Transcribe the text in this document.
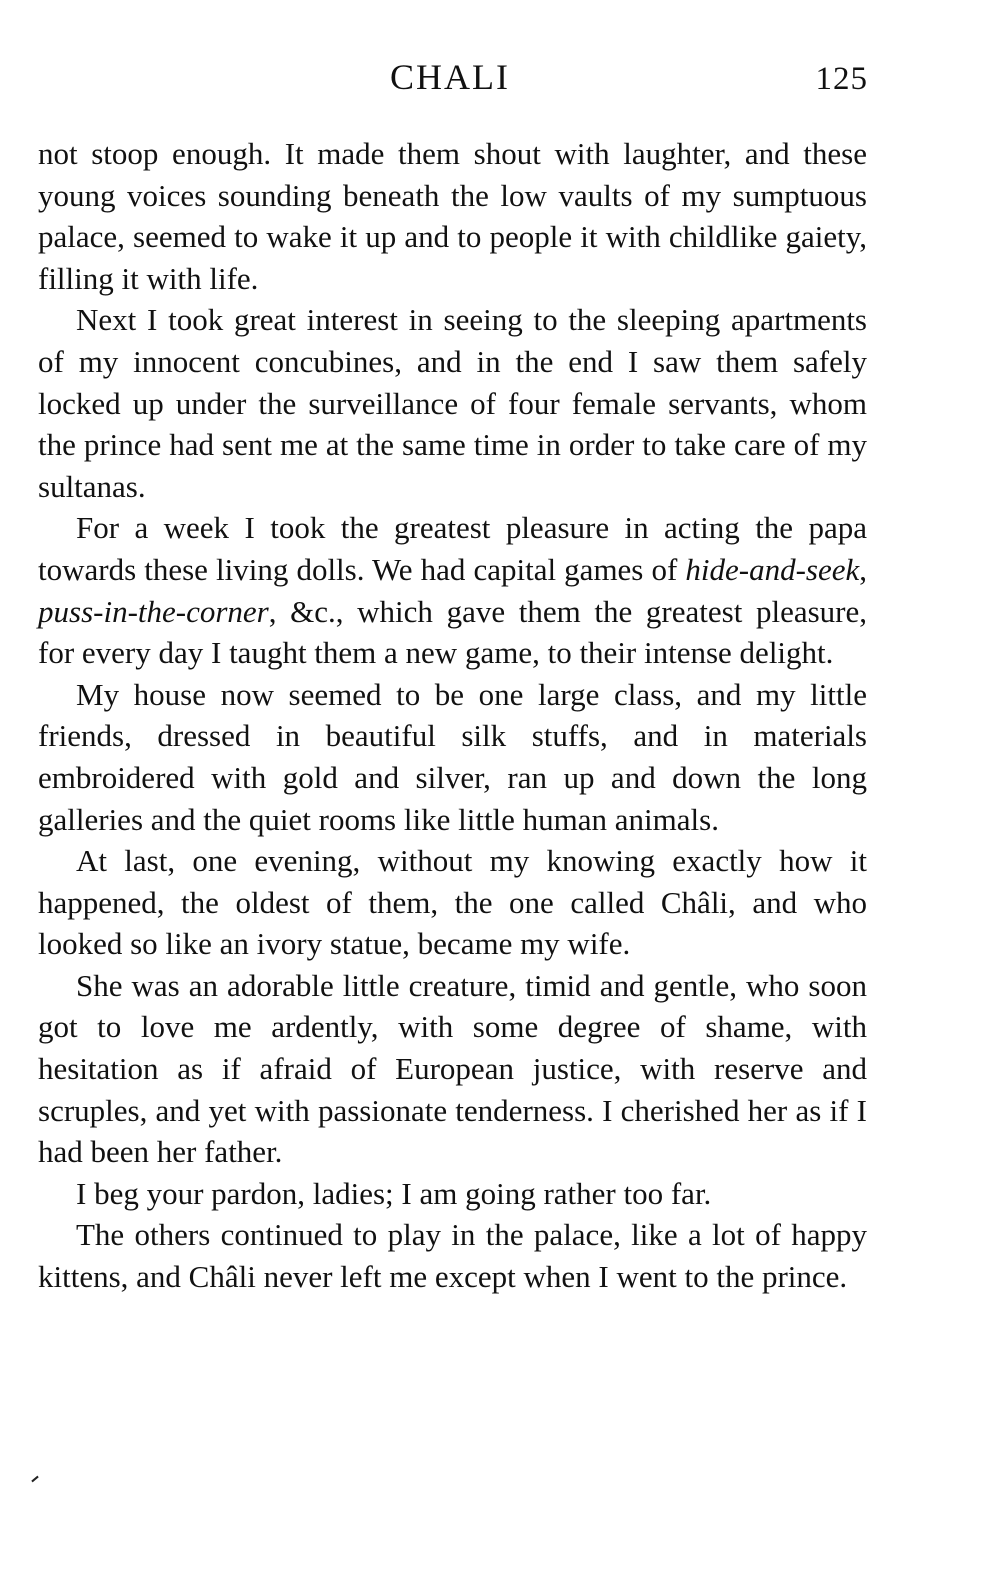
CHALI	125

not stoop enough. It made them shout with laughter, and these young voices sounding beneath the low vaults of my sumptuous palace, seemed to wake it up and to people it with childlike gaiety, filling it with life.

Next I took great interest in seeing to the sleeping apartments of my innocent concubines, and in the end I saw them safely locked up under the surveillance of four female servants, whom the prince had sent me at the same time in order to take care of my sultanas.

For a week I took the greatest pleasure in acting the papa towards these living dolls. We had capital games of hide-and-seek, puss-in-the-corner, &c., which gave them the greatest pleasure, for every day I taught them a new game, to their intense delight.

My house now seemed to be one large class, and my little friends, dressed in beautiful silk stuffs, and in materials embroidered with gold and silver, ran up and down the long galleries and the quiet rooms like little human animals.

At last, one evening, without my knowing exactly how it happened, the oldest of them, the one called Châli, and who looked so like an ivory statue, became my wife.

She was an adorable little creature, timid and gentle, who soon got to love me ardently, with some degree of shame, with hesitation as if afraid of European justice, with reserve and scruples, and yet with passionate tenderness. I cherished her as if I had been her father.

I beg your pardon, ladies; I am going rather too far.

The others continued to play in the palace, like a lot of happy kittens, and Châli never left me except when I went to the prince.
